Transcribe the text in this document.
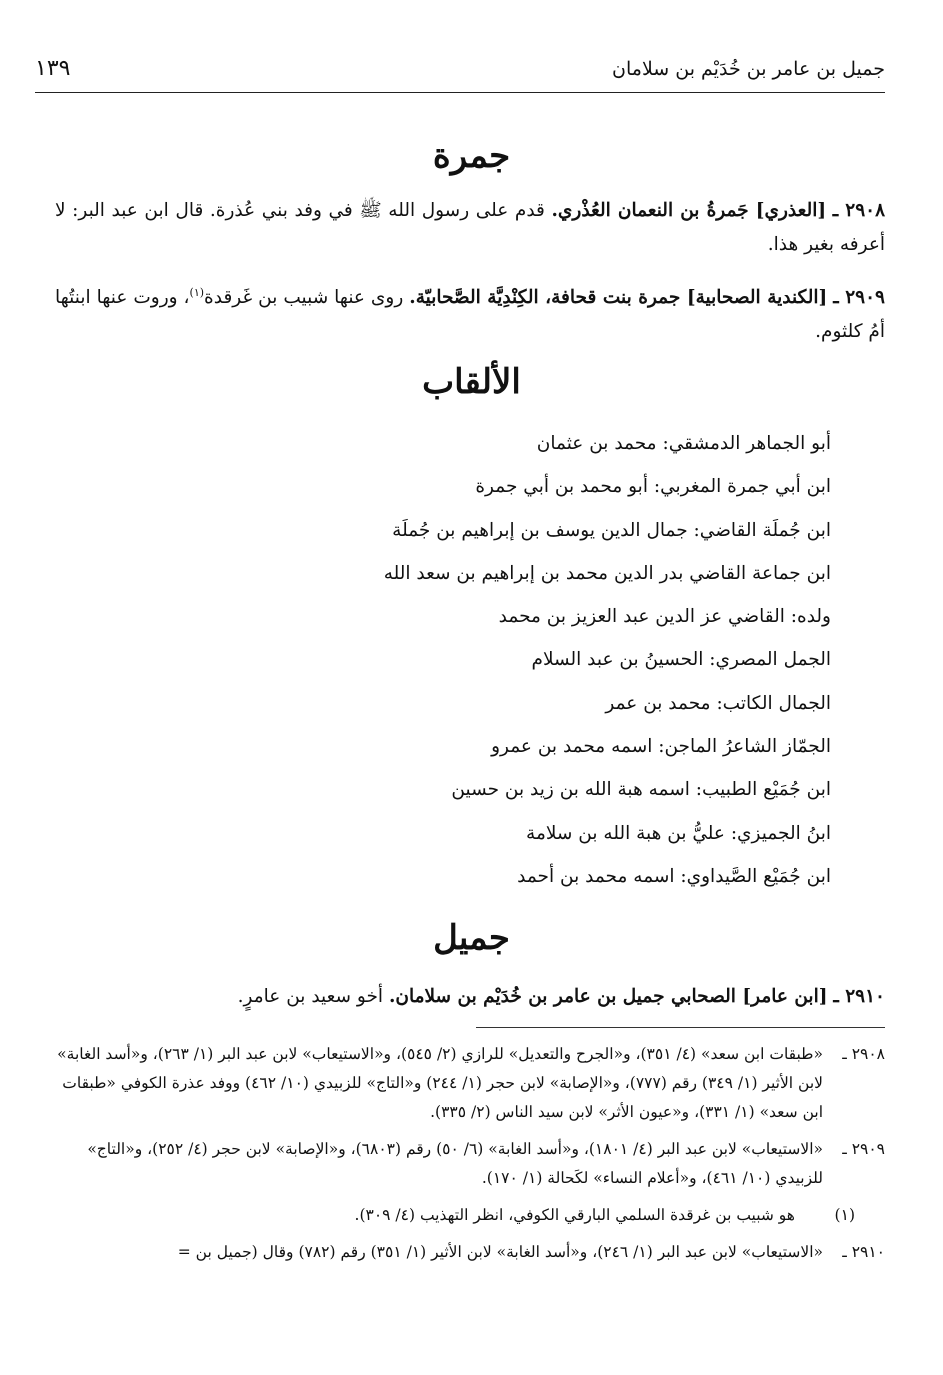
جميل بن عامر بن خُدَيْم بن سلامان
١٣٩
جمرة

٢٩٠٨ ـ [العذري] جَمرةُ بن النعمان العُذْري. قدم على رسول الله ﷺ في وفد بني عُذرة. قال ابن عبد البر: لا أعرفه بغير هذا.

٢٩٠٩ ـ [الكندية الصحابية] جمرة بنت قحافة، الكِنْدِيَّة الصَّحابيّة. روى عنها شبيب بن غَرقدة$^{(١)}$، وروت عنها ابنتُها أمُ كلثوم.

الألقاب
أبو الجماهر الدمشقي: محمد بن عثمان
ابن أبي جمرة المغربي: أبو محمد بن أبي جمرة
ابن جُملَة القاضي: جمال الدين يوسف بن إبراهيم بن جُملَة
ابن جماعة القاضي بدر الدين محمد بن إبراهيم بن سعد الله
ولده: القاضي عز الدين عبد العزيز بن محمد
الجمل المصري: الحسينُ بن عبد السلام
الجمال الكاتب: محمد بن عمر
الجمّاز الشاعرُ الماجن: اسمه محمد بن عمرو
ابن جُمَيْع الطبيب: اسمه هبة الله بن زيد بن حسين
ابنُ الجميزي: عليُّ بن هبة الله بن سلامة
ابن جُمَيْع الصَّيداوي: اسمه محمد بن أحمد
جميل

٢٩١٠ ـ [ابن عامر] الصحابي جميل بن عامر بن خُدَيْم بن سلامان. أخو سعيد بن عامرٍ.

٢٩٠٨ ـ
«طبقات ابن سعد» (٤/ ٣٥١)، و«الجرح والتعديل» للرازي (٢/ ٥٤٥)، و«الاستيعاب» لابن عبد البر (١/ ٢٦٣)، و«أسد الغابة» لابن الأثير (١/ ٣٤٩) رقم (٧٧٧)، و«الإصابة» لابن حجر (١/ ٢٤٤) و«التاج» للزبيدي (١٠/ ٤٦٢) ووفد عذرة الكوفي «طبقات ابن سعد» (١/ ٣٣١)، و«عيون الأثر» لابن سيد الناس (٢/ ٣٣٥).
٢٩٠٩ ـ
«الاستيعاب» لابن عبد البر (٤/ ١٨٠١)، و«أسد الغابة» (٦/ ٥٠) رقم (٦٨٠٣)، و«الإصابة» لابن حجر (٤/ ٢٥٢)، و«التاج» للزبيدي (١٠/ ٤٦١)، و«أعلام النساء» لكَحالة (١/ ١٧٠).
(١)
هو شبيب بن غرقدة السلمي البارقي الكوفي، انظر التهذيب (٤/ ٣٠٩).
٢٩١٠ ـ
«الاستيعاب» لابن عبد البر (١/ ٢٤٦)، و«أسد الغابة» لابن الأثير (١/ ٣٥١) رقم (٧٨٢) وقال (جميل بن =
